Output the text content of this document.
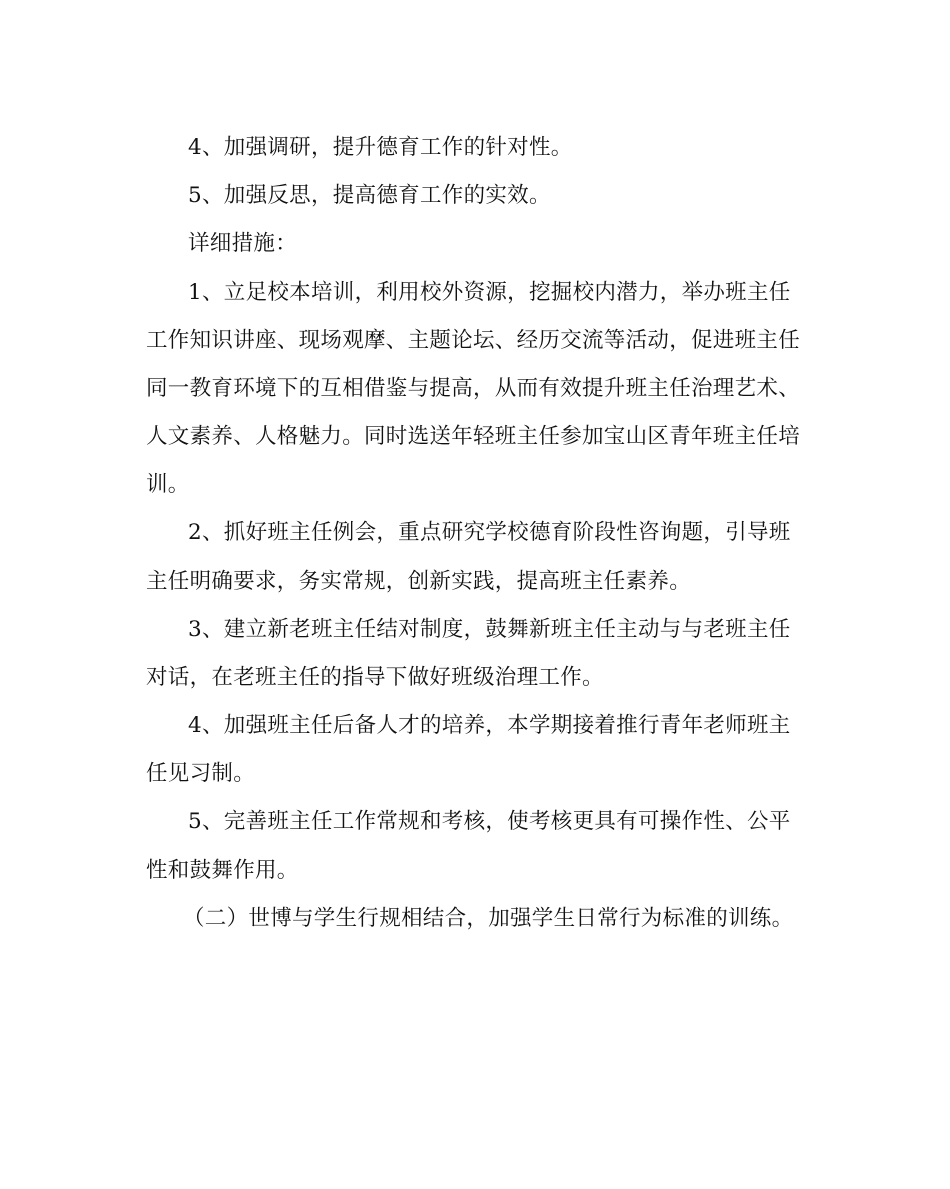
4、加强调研，提升德育工作的针对性。
5、加强反思，提高德育工作的实效。
详细措施：
1、立足校本培训，利用校外资源，挖掘校内潜力，举办班主任
工作知识讲座、现场观摩、主题论坛、经历交流等活动，促进班主任
同一教育环境下的互相借鉴与提高，从而有效提升班主任治理艺术、
人文素养、人格魅力。同时选送年轻班主任参加宝山区青年班主任培
训。
2、抓好班主任例会，重点研究学校德育阶段性咨询题，引导班
主任明确要求，务实常规，创新实践，提高班主任素养。
3、建立新老班主任结对制度，鼓舞新班主任主动与与老班主任
对话，在老班主任的指导下做好班级治理工作。
4、加强班主任后备人才的培养，本学期接着推行青年老师班主
任见习制。
5、完善班主任工作常规和考核，使考核更具有可操作性、公平
性和鼓舞作用。
（二）世博与学生行规相结合，加强学生日常行为标准的训练。
